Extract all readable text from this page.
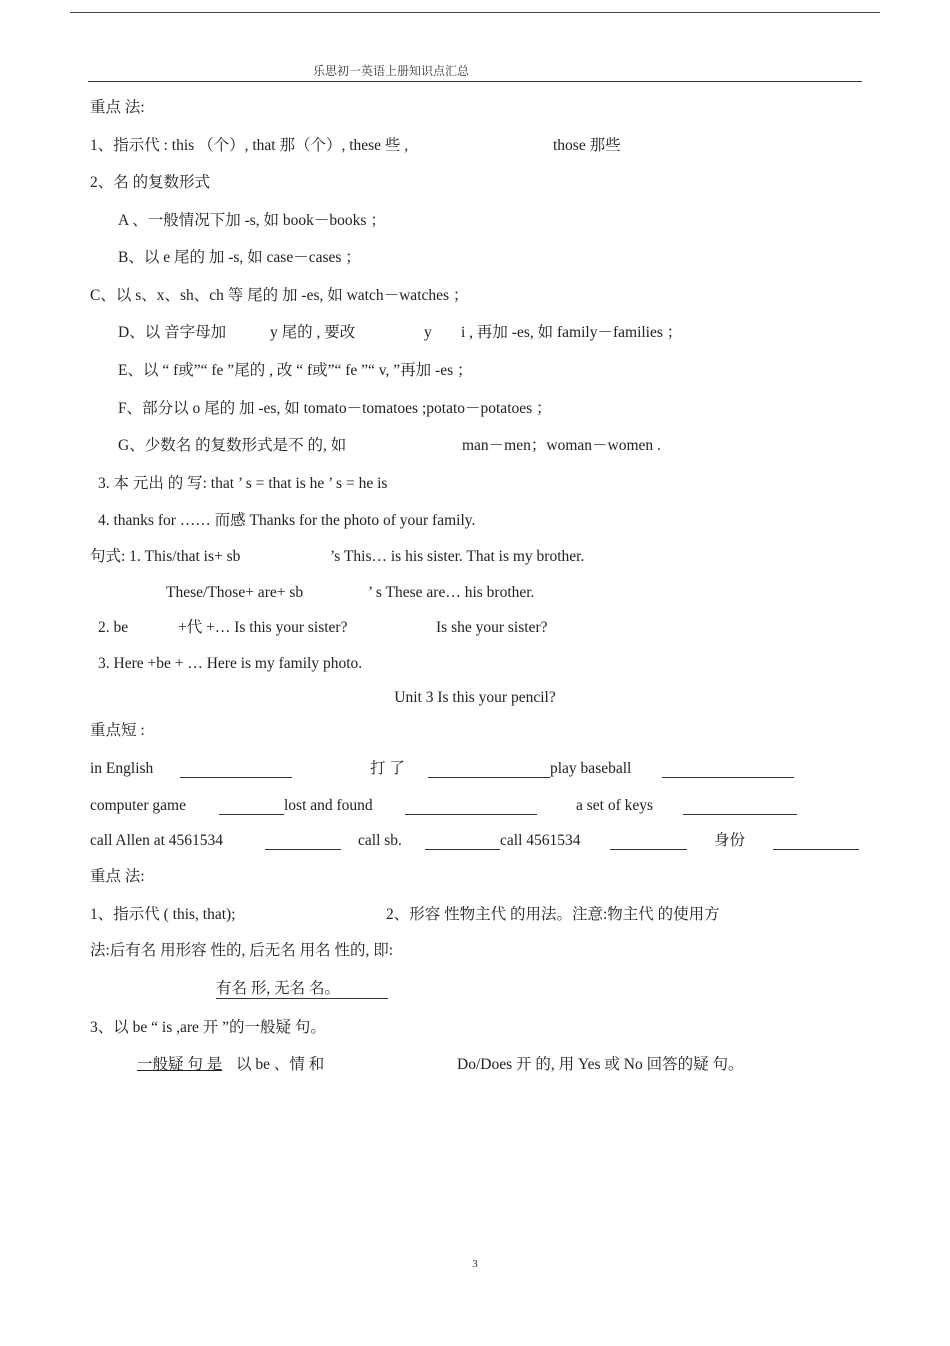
乐思初一英语上册知识点汇总
重点 法:
1、指示代 : this （个）, that 那（个）, these 些 ,	those 那些
2、名 的复数形式
A 、一般情况下加 -s, 如 book－books ；
B、以 e 尾的 加 -s, 如 case－cases ；
C、以 s、x、sh、ch 等 尾的 加 -es, 如 watch－watches ；
D、以 音字母加	y 尾的 , 要改	y i , 再加 -es, 如 family－families ；
E、以 “ f或”“ fe ”尾的 , 改 “ f或”“ fe ”“ v, ”再加 -es ；
F、部分以 o 尾的 加 -es, 如 tomato－tomatoes ;potato－potatoes ；
G、少数名 的复数形式是不 的, 如	man－men；woman－women .
3. 本 元出 的 写: that ’ s = that is he ’ s = he is
4. thanks for …… 而感 Thanks for the photo of your family.
句式: 1. This/that is+ sb	’s This… is his sister. That is my brother.
These/Those+ are+ sb	’ s These are… his brother.
2. be	+代 +… Is this your sister?	Is she your sister?
3. Here +be + … Here is my family photo.
Unit 3 Is this your pencil?
重点短 :
in English	打 了	play baseball
computer game	lost and found	a set of keys
call Allen at 4561534	call sb.	call 4561534	身份
重点 法:
1、指示代 ( this, that);	2、形容 性物主代 的用法。注意:物主代 的使用方
法:后有名 用形容 性的, 后无名 用名 性的, 即:
有名 形, 无名 名。
3、以 be “ is ,are 开 ”的一般疑 句。
一般疑 句 是 以 be 、情 和	Do/Does 开 的, 用 Yes 或 No 回答的疑 句。
3
